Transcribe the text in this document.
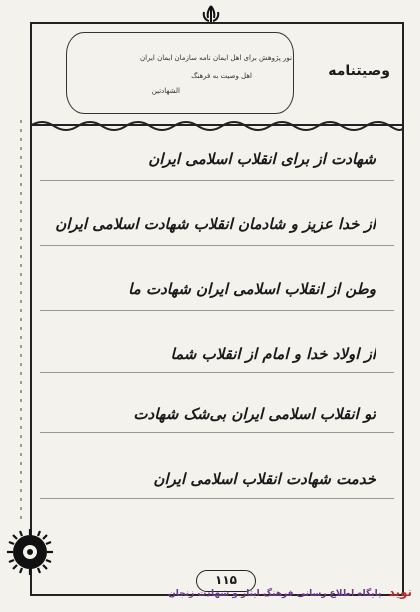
نور پژوهش برای اهل ایمان نامه سازمان ایمان ایران
اهل وصیت به فرهنگ
الشهادتین
وصیتنامه
شهادت از برای انقلاب اسلامی ایران
از خدا عزیز و شادمان انقلاب شهادت اسلامی ایران
وطن از انقلاب اسلامی ایران شهادت ما
از اولاد خدا و امام از انقلاب شما
تو انقلاب اسلامی ایران بی‌شک شهادت
خدمت شهادت انقلاب اسلامی ایران
۱۱۵
نوید پایگاه اطلاع رسانی فرهنگ ایثار و شهادت زنجان
